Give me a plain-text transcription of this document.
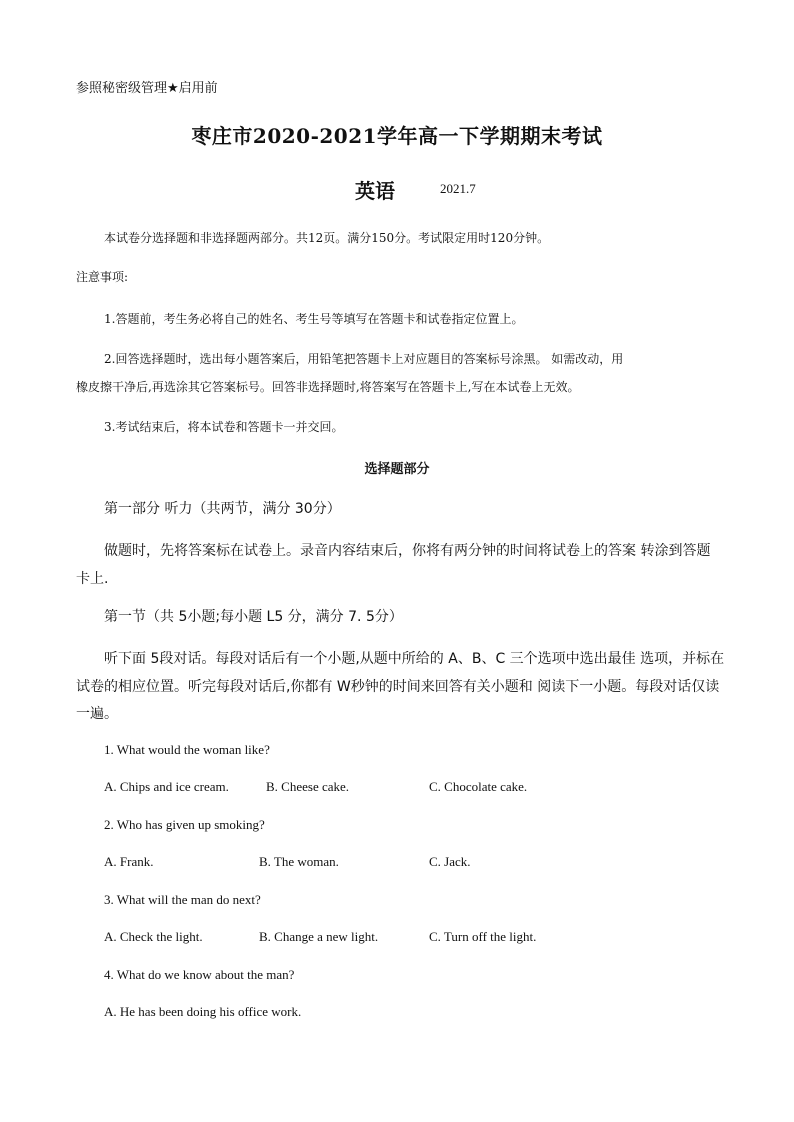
参照秘密级管理★启用前
枣庄市2020-2021学年高一下学期期末考试
英语	2021.7
本试卷分选择题和非选择题两部分。共12页。满分150分。考试限定用时120分钟。
注意事项:
1.答题前，考生务必将自己的姓名、考生号等填写在答题卡和试卷指定位置上。
2.回答选择题时，选出每小题答案后，用铅笔把答题卡上对应题目的答案标号涂黑。 如需改动，用
橡皮擦干净后,再选涂其它答案标号。回答非选择题时,将答案写在答题卡上,写在本试卷上无效。
3.考试结束后，将本试卷和答题卡一并交回。
选择题部分
第一部分 听力（共两节，满分 30分）
做题时，先将答案标在试卷上。录音内容结束后，你将有两分钟的时间将试卷上的答案 转涂到答题
卡上.
第一节（共 5小题;每小题 L5 分，满分 7. 5分）
听下面 5段对话。每段对话后有一个小题,从题中所给的 A、B、C 三个选项中选出最佳 选项，并标在
试卷的相应位置。听完每段对话后,你都有 W秒钟的时间来回答有关小题和 阅读下一小题。每段对话仅读
一遍。
1. What would the woman like?
A. Chips and ice cream.	B. Cheese cake.	C. Chocolate cake.
2. Who has given up smoking?
A. Frank.	B. The woman.	C. Jack.
3. What will the man do next?
A. Check the light.	B. Change a new light.	C. Turn off the light.
4. What do we know about the man?
A. He has been doing his office work.
